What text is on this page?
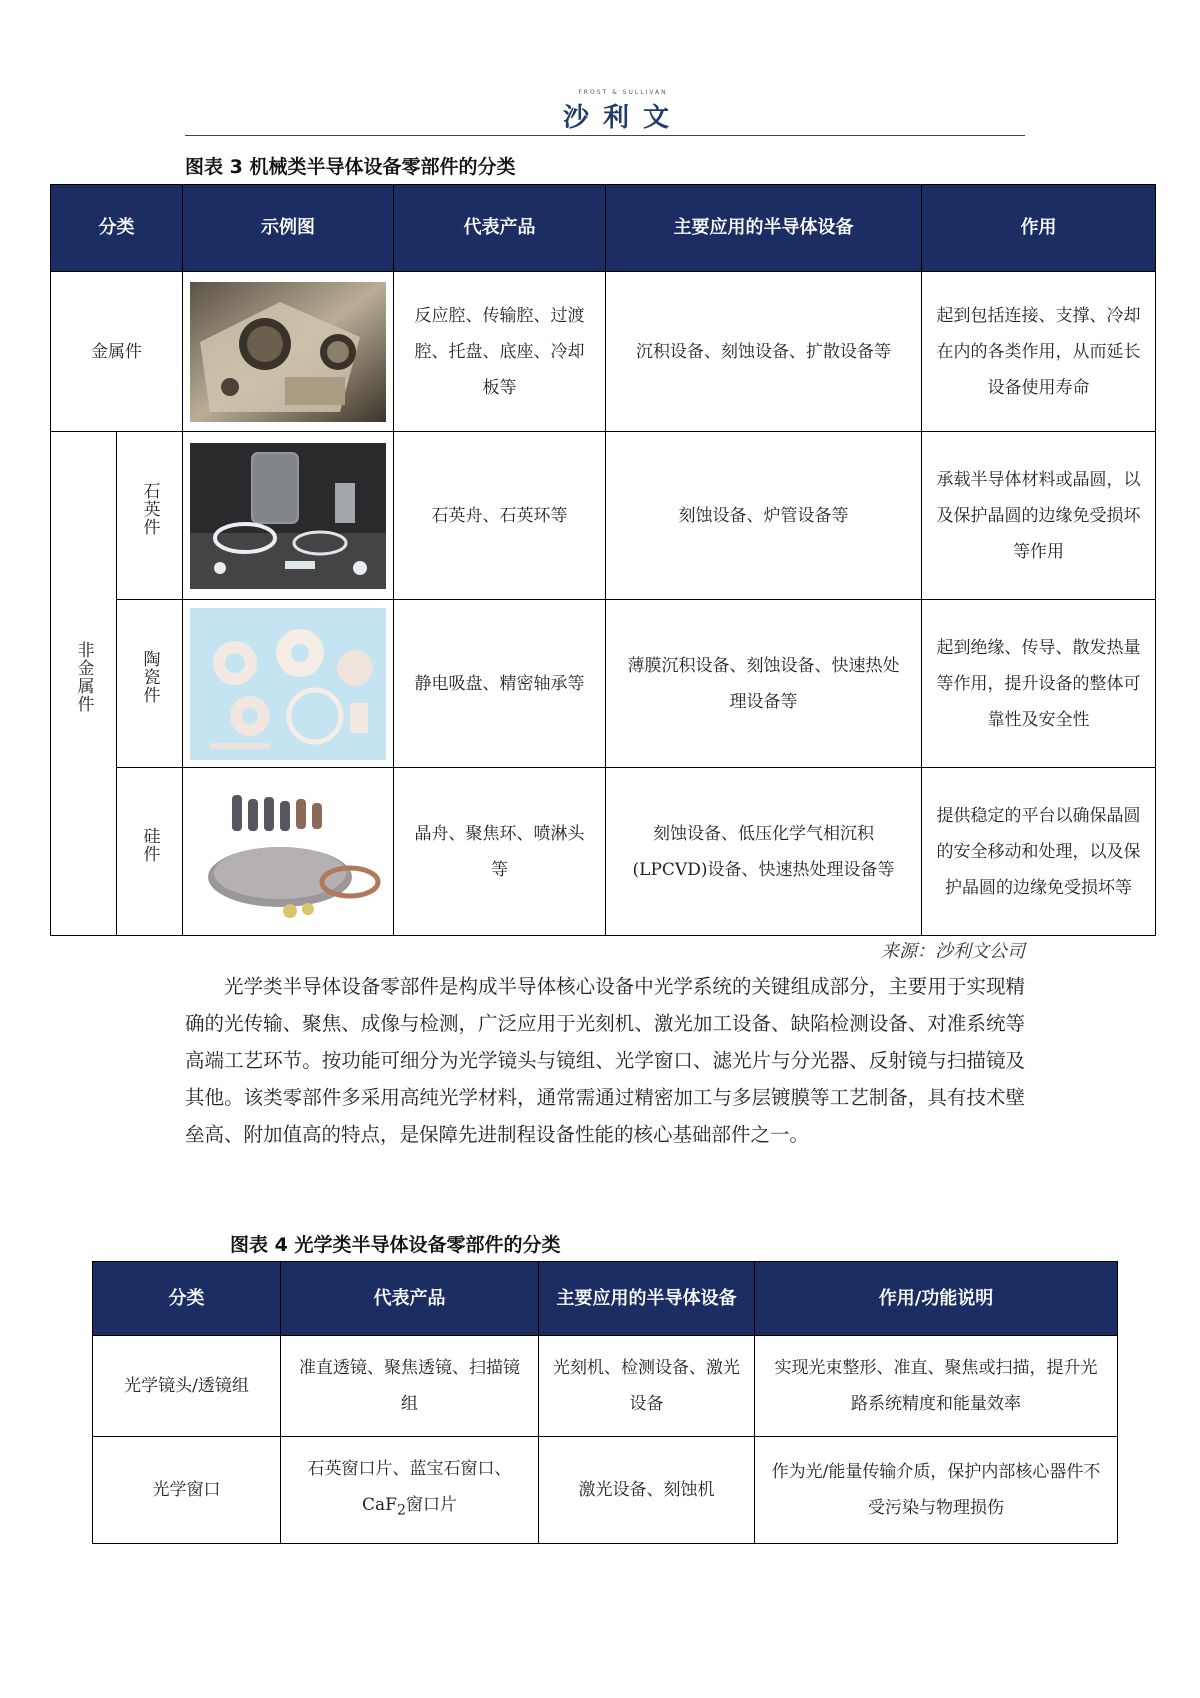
FROST & SULLIVAN
沙利文
图表 3 机械类半导体设备零部件的分类
分类		示例图	代表产品	主要应用的半导体设备	作用
金属件			反应腔、传输腔、过渡腔、托盘、底座、冷却板等	沉积设备、刻蚀设备、扩散设备等	起到包括连接、支撑、冷却在内的各类作用，从而延长设备使用寿命
非金属件	石英件		石英舟、石英环等	刻蚀设备、炉管设备等	承载半导体材料或晶圆，以及保护晶圆的边缘免受损坏等作用
	陶瓷件		静电吸盘、精密轴承等	薄膜沉积设备、刻蚀设备、快速热处理设备等	起到绝缘、传导、散发热量等作用，提升设备的整体可靠性及安全性
	硅件		晶舟、聚焦环、喷淋头等	刻蚀设备、低压化学气相沉积(LPCVD)设备、快速热处理设备等	提供稳定的平台以确保晶圆的安全移动和处理，以及保护晶圆的边缘免受损坏等
来源：沙利文公司
光学类半导体设备零部件是构成半导体核心设备中光学系统的关键组成部分，主要用于实现精确的光传输、聚焦、成像与检测，广泛应用于光刻机、激光加工设备、缺陷检测设备、对准系统等高端工艺环节。按功能可细分为光学镜头与镜组、光学窗口、滤光片与分光器、反射镜与扫描镜及其他。该类零部件多采用高纯光学材料，通常需通过精密加工与多层镀膜等工艺制备，具有技术壁垒高、附加值高的特点，是保障先进制程设备性能的核心基础部件之一。
图表 4 光学类半导体设备零部件的分类
分类	代表产品	主要应用的半导体设备	作用/功能说明
光学镜头/透镜组	准直透镜、聚焦透镜、扫描镜组	光刻机、检测设备、激光设备	实现光束整形、准直、聚焦或扫描，提升光路系统精度和能量效率
光学窗口	石英窗口片、蓝宝石窗口、CaF$_2$窗口片	激光设备、刻蚀机	作为光/能量传输介质，保护内部核心器件不受污染与物理损伤
